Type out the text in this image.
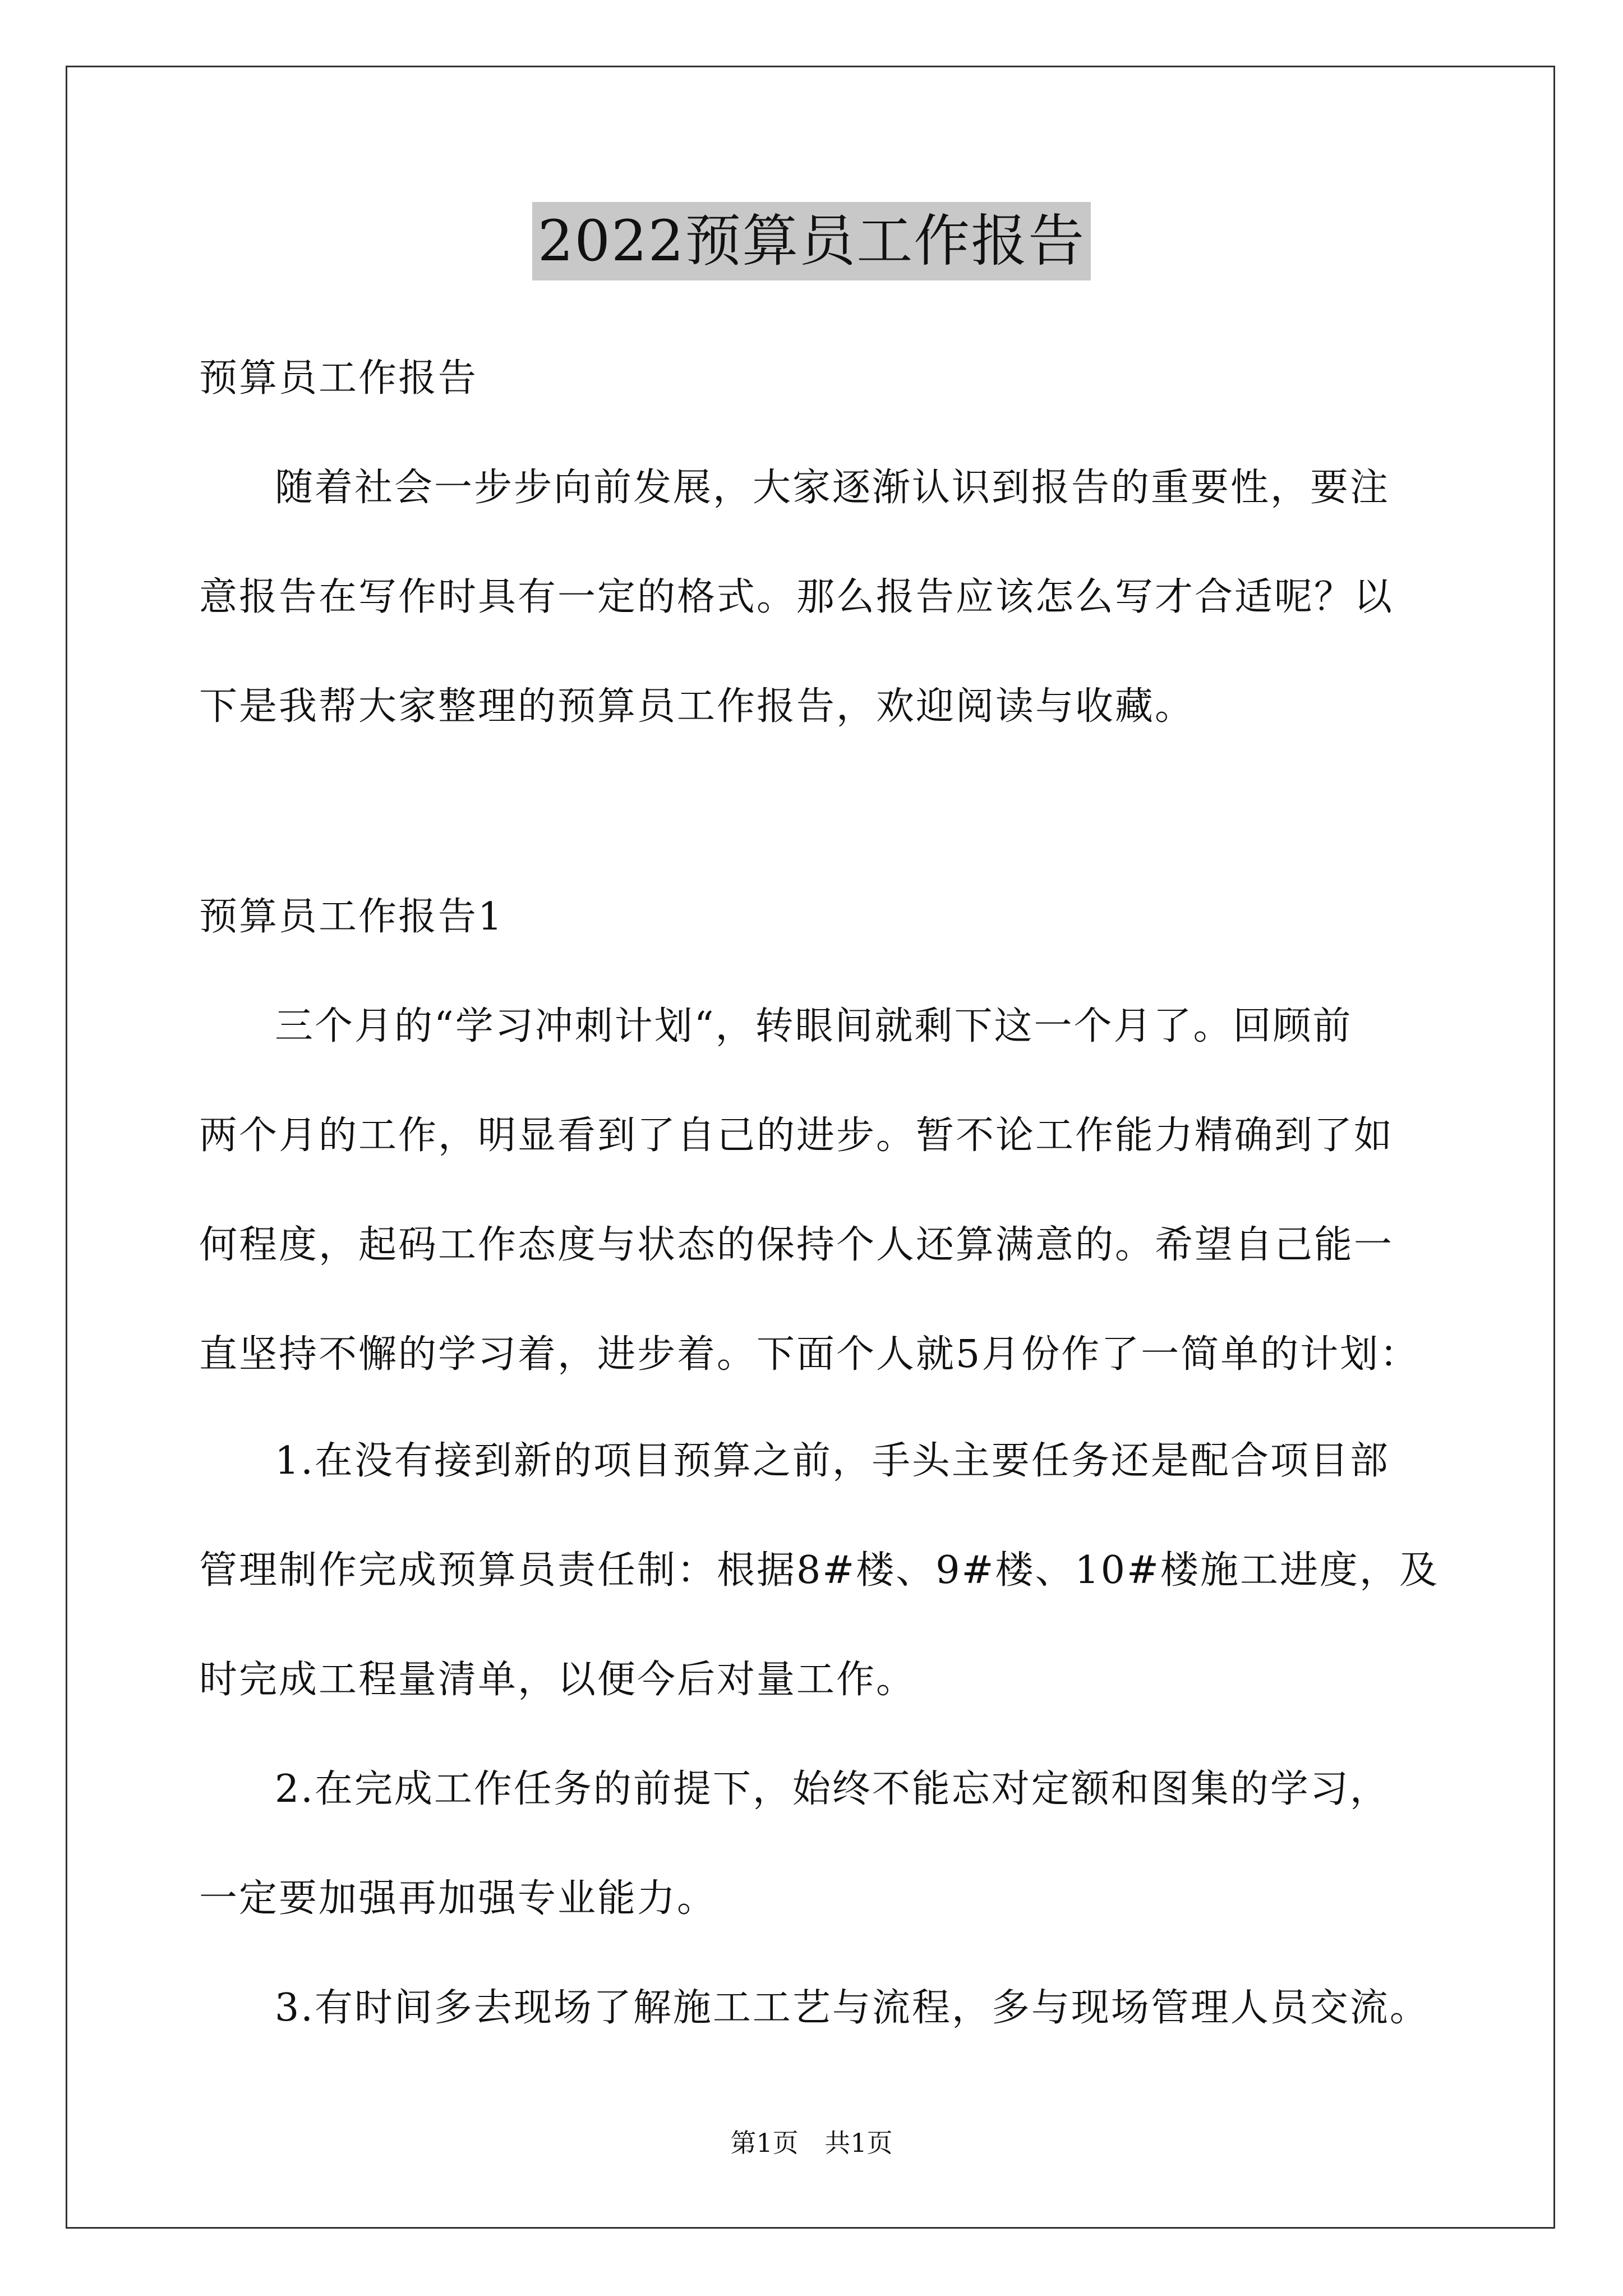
2022预算员工作报告
预算员工作报告
随着社会一步步向前发展，大家逐渐认识到报告的重要性，要注
意报告在写作时具有一定的格式。那么报告应该怎么写才合适呢？以
下是我帮大家整理的预算员工作报告，欢迎阅读与收藏。
预算员工作报告1
三个月的“学习冲刺计划“，转眼间就剩下这一个月了。回顾前
两个月的工作，明显看到了自己的进步。暂不论工作能力精确到了如
何程度，起码工作态度与状态的保持个人还算满意的。希望自己能一
直坚持不懈的学习着，进步着。下面个人就5月份作了一简单的计划：
1.在没有接到新的项目预算之前，手头主要任务还是配合项目部
管理制作完成预算员责任制：根据8#楼、9#楼、10#楼施工进度，及
时完成工程量清单，以便今后对量工作。
2.在完成工作任务的前提下，始终不能忘对定额和图集的学习，
一定要加强再加强专业能力。
3.有时间多去现场了解施工工艺与流程，多与现场管理人员交流。
第1页 共1页
